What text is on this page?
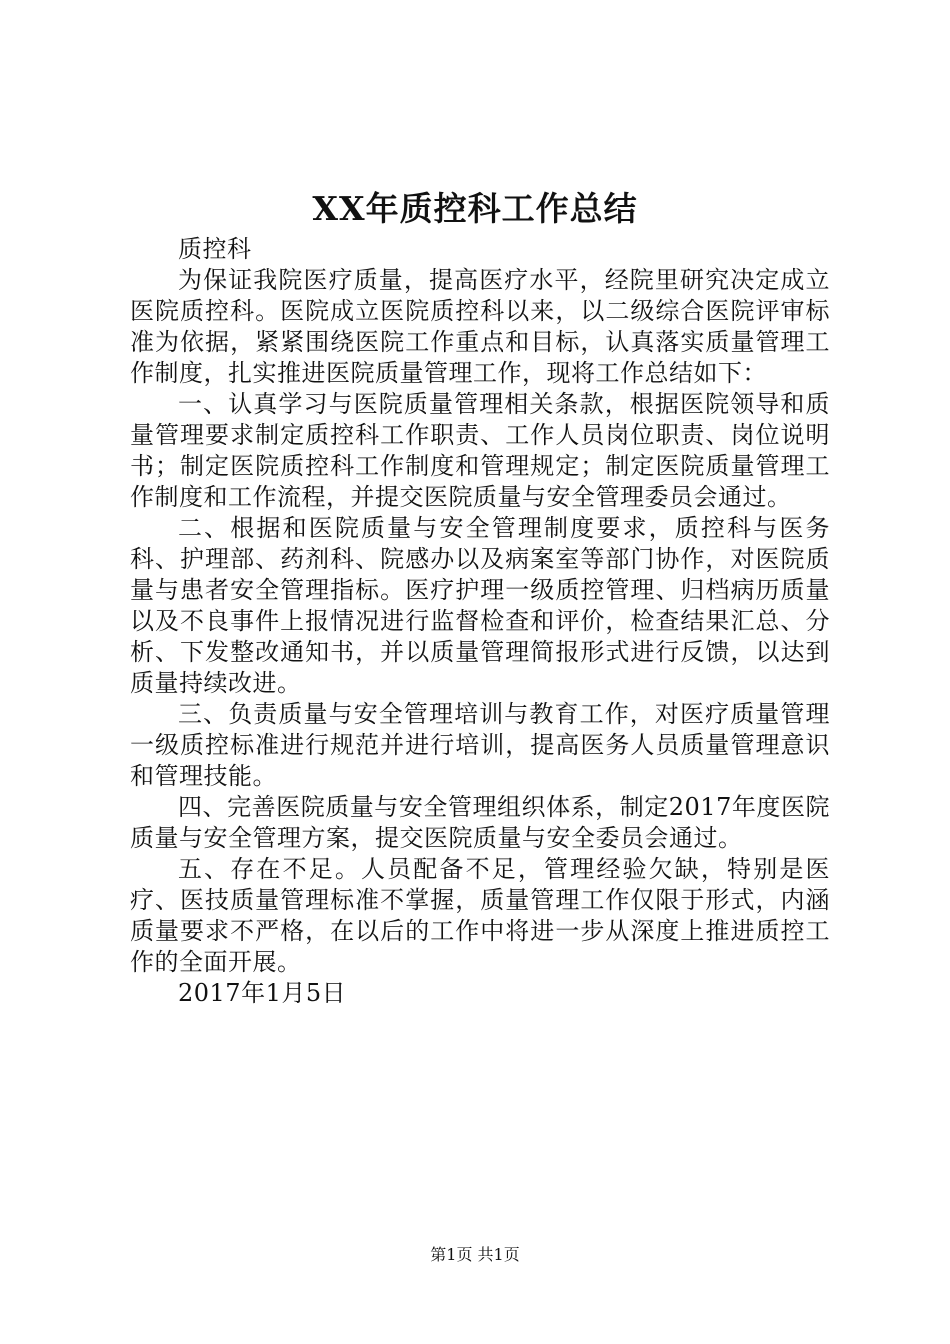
XX年质控科工作总结

质控科

为保证我院医疗质量，提高医疗水平，经院里研究决定成立医院质控科。医院成立医院质控科以来，以二级综合医院评审标准为依据，紧紧围绕医院工作重点和目标，认真落实质量管理工作制度，扎实推进医院质量管理工作，现将工作总结如下：

一、认真学习与医院质量管理相关条款，根据医院领导和质量管理要求制定质控科工作职责、工作人员岗位职责、岗位说明书；制定医院质控科工作制度和管理规定；制定医院质量管理工作制度和工作流程，并提交医院质量与安全管理委员会通过。

二、根据和医院质量与安全管理制度要求，质控科与医务科、护理部、药剂科、院感办以及病案室等部门协作，对医院质量与患者安全管理指标。医疗护理一级质控管理、归档病历质量以及不良事件上报情况进行监督检查和评价，检查结果汇总、分析、下发整改通知书，并以质量管理简报形式进行反馈，以达到质量持续改进。

三、负责质量与安全管理培训与教育工作，对医疗质量管理一级质控标准进行规范并进行培训，提高医务人员质量管理意识和管理技能。

四、完善医院质量与安全管理组织体系，制定2017年度医院质量与安全管理方案，提交医院质量与安全委员会通过。

五、存在不足。人员配备不足，管理经验欠缺，特别是医疗、医技质量管理标准不掌握，质量管理工作仅限于形式，内涵质量要求不严格，在以后的工作中将进一步从深度上推进质控工作的全面开展。

2017年1月5日

第1页 共1页
